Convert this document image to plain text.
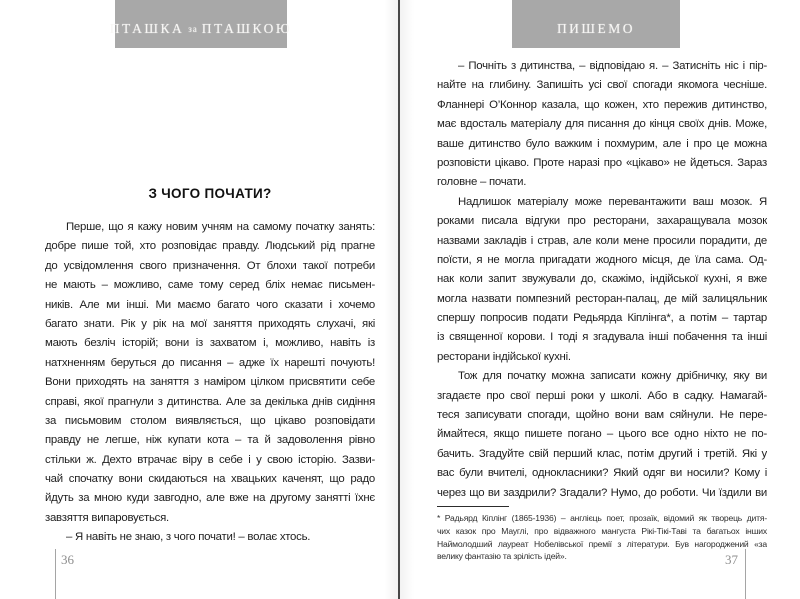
ПТАШКА за ПТАШКОЮ	ПИШЕМО
З ЧОГО ПОЧАТИ?
Перше, що я кажу новим учням на самому початку занять:
добре пише той, хто розповідає правду. Людський рід прагне
до усвідомлення свого призначення. От блохи такої потреби
не мають – можливо, саме тому серед бліх немає письмен-
ників. Але ми інші. Ми маємо багато чого сказати і хочемо
багато знати. Рік у рік на мої заняття приходять слухачі, які
мають безліч історій; вони із захватом і, можливо, навіть із
натхненням беруться до писання – адже їх нарешті почують!
Вони приходять на заняття з наміром цілком присвятити себе
справі, якої прагнули з дитинства. Але за декілька днів сидіння
за письмовим столом виявляється, що цікаво розповідати
правду не легше, ніж купати кота – та й задоволення рівно
стільки ж. Дехто втрачає віру в себе і у свою історію. Зазви-
чай спочатку вони скидаються на хвацьких каченят, що радо
йдуть за мною куди завгодно, але вже на другому занятті їхнє
завзяття випаровується.
– Я навіть не знаю, з чого почати! – волає хтось.
– Почніть з дитинства, – відповідаю я. – Затисніть ніс і пір-
найте на глибину. Запишіть усі свої спогади якомога чесніше.
Фланнері О’Коннор казала, що кожен, хто пережив дитинство,
має вдосталь матеріалу для писання до кінця своїх днів. Може,
ваше дитинство було важким і похмурим, але і про це можна
розповісти цікаво. Проте наразі про «цікаво» не йдеться. Зараз
головне – почати.
Надлишок матеріалу може перевантажити ваш мозок. Я
роками писала відгуки про ресторани, захаращувала мозок
назвами закладів і страв, але коли мене просили порадити, де
поїсти, я не могла пригадати жодного місця, де їла сама. Од-
нак коли запит звужували до, скажімо, індійської кухні, я вже
могла назвати помпезний ресторан-палац, де мій залицяльник
спершу попросив подати Редьярда Кіплінга*, а потім – тартар
із священної корови. І тоді я згадувала інші побачення та інші
ресторани індійської кухні.
Тож для початку можна записати кожну дрібничку, яку ви
згадаєте про свої перші роки у школі. Або в садку. Намагай-
теся записувати спогади, щойно вони вам сяйнули. Не пере-
ймайтеся, якщо пишете погано – цього все одно ніхто не по-
бачить. Згадуйте свій перший клас, потім другий і третій. Які у
вас були вчителі, однокласники? Який одяг ви носили? Кому і
через що ви заздрили? Згадали? Нумо, до роботи. Чи їздили ви
* Радьярд Кіплінг (1865-1936) – англієць поет, прозаїк, відомий як творець дитя-
чих казок про Мауглі, про відважного мангуста Рікі-Тікі-Таві та багатьох інших
Наймолодший лауреат Нобелівської премії з літератури. Був нагороджений «за
велику фантазію та зрілість ідей».
36	37
